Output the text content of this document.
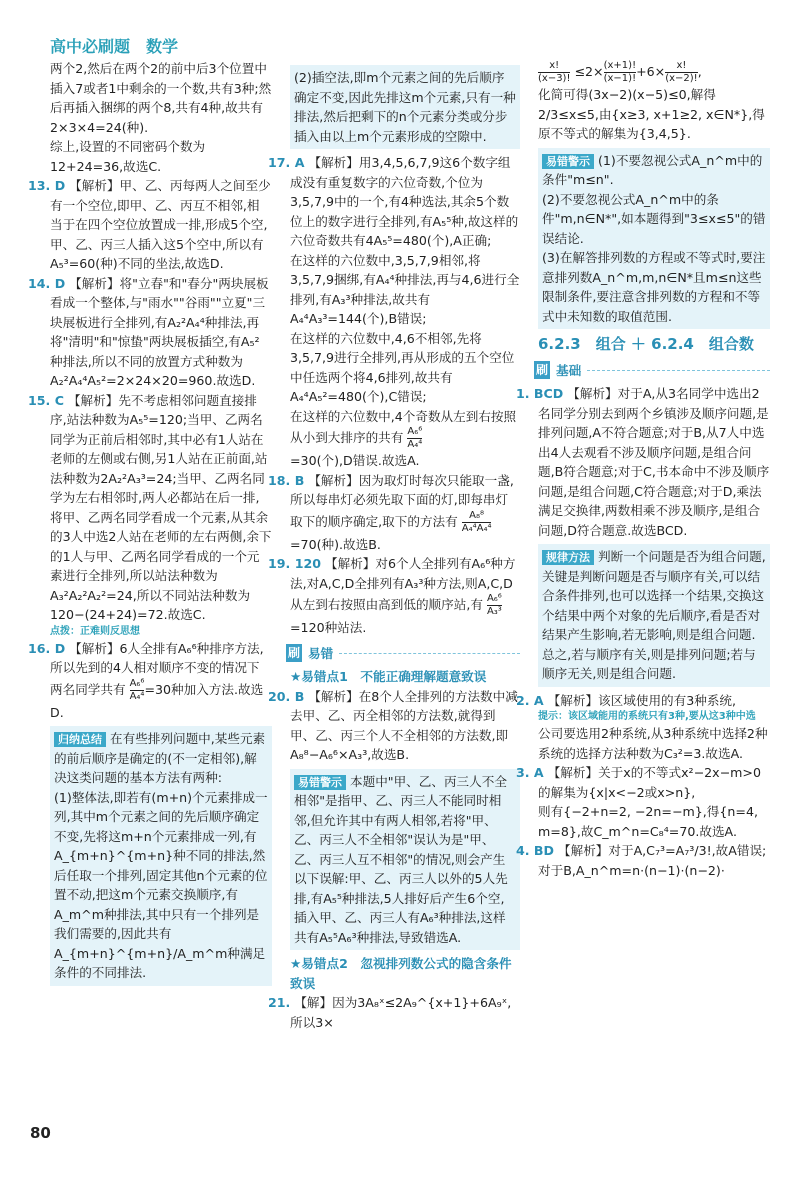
高中必刷题　数学

两个2,然后在两个2的前中后3个位置中插入7或者1中剩余的一个数,共有3种;然后再插入捆绑的两个8,共有4种,故共有2×3×4=24(种).

综上,设置的不同密码个数为12+24=36,故选C.

13. D 【解析】甲、乙、丙每两人之间至少有一个空位,即甲、乙、丙互不相邻,相当于在四个空位放置成一排,形成5个空,甲、乙、丙三人插入这5个空中,所以有A₅³=60(种)不同的坐法,故选D.

14. D 【解析】将"立春"和"春分"两块展板看成一个整体,与"雨水""谷雨""立夏"三块展板进行全排列,有A₂²A₄⁴种排法,再将"清明"和"惊蛰"两块展板插空,有A₅²种排法,所以不同的放置方式种数为A₂²A₄⁴A₅²=2×24×20=960.故选D.

15. C 【解析】先不考虑相邻问题直接排序,站法种数为A₅⁵=120;当甲、乙两名同学为正前后相邻时,其中必有1人站在老师的左侧或右侧,另1人站在正前面,站法种数为2A₂²A₃³=24;当甲、乙两名同学为左右相邻时,两人必都站在后一排,将甲、乙两名同学看成一个元素,从其余的3人中选2人站在老师的左右两侧,余下的1人与甲、乙两名同学看成的一个元素进行全排列,所以站法种数为A₃²A₂²A₂²=24,所以不同站法种数为120−(24+24)=72.故选C.

点拨：正难则反思想

16. D 【解析】6人全排有A₆⁶种排序方法,所以先到的4人相对顺序不变的情况下两名同学共有 $\frac{\text{A₆⁶}}{\text{A₄⁴}} =30$种加入方法.故选D.

归纳总结 在有些排列问题中,某些元素的前后顺序是确定的(不一定相邻),解决这类问题的基本方法有两种:

(1)整体法,即若有(m+n)个元素排成一列,其中m个元素之间的先后顺序确定不变,先将这m+n个元素排成一列,有A_{m+n}^{m+n}种不同的排法,然后任取一个排列,固定其他n个元素的位置不动,把这m个元素交换顺序,有A_m^m种排法,其中只有一个排列是我们需要的,因此共有A_{m+n}^{m+n}/A_m^m种满足条件的不同排法.

80
(2)插空法,即m个元素之间的先后顺序确定不变,因此先排这m个元素,只有一种排法,然后把剩下的n个元素分类或分步插入由以上m个元素形成的空隙中.

17. A 【解析】用3,4,5,6,7,9这6个数字组成没有重复数字的六位奇数,个位为3,5,7,9中的一个,有4种选法,其余5个数位上的数字进行全排列,有A₅⁵种,故这样的六位奇数共有4A₅⁵=480(个),A正确;

在这样的六位数中,3,5,7,9相邻,将3,5,7,9捆绑,有A₄⁴种排法,再与4,6进行全排列,有A₃³种排法,故共有A₄⁴A₃³=144(个),B错误;

在这样的六位数中,4,6不相邻,先将3,5,7,9进行全排列,再从形成的五个空位中任选两个将4,6排列,故共有A₄⁴A₅²=480(个),C错误;

在这样的六位数中,4个奇数从左到右按照从小到大排序的共有 $\frac{\text{A₆⁶}}{\text{A₄⁴}}$

=30(个),D错误.故选A.

18. B 【解析】因为取灯时每次只能取一盏,所以每串灯必须先取下面的灯,即每串灯取下的顺序确定,取下的方法有 $\frac{\text{A₈⁸}}{\text{A₄⁴A₄⁴}}$
=70(种).故选B.

19. 120 【解析】对6个人全排列有A₆⁶种方法,对A,C,D全排列有A₃³种方法,则A,C,D从左到右按照由高到低的顺序站,有 $\frac{\text{A₆⁶}}{\text{A₃³}}$
=120种站法.

刷 易错

★易错点1　不能正确理解题意致误

20. B 【解析】在8个人全排列的方法数中减去甲、乙、丙全相邻的方法数,就得到甲、乙、丙三个人不全相邻的方法数,即A₈⁸−A₆⁶×A₃³,故选B.

易错警示 本题中"甲、乙、丙三人不全相邻"是指甲、乙、丙三人不能同时相邻,但允许其中有两人相邻,若将"甲、乙、丙三人不全相邻"误认为是"甲、乙、丙三人互不相邻"的情况,则会产生以下误解:甲、乙、丙三人以外的5人先排,有A₅⁵种排法,5人排好后产生6个空,插入甲、乙、丙三人有A₆³种排法,这样共有A₅⁵A₆³种排法,导致错选A.

★易错点2　忽视排列数公式的隐含条件致误

21. 【解】因为3A₈ˣ≤2A₉^{x+1}+6A₉ˣ,所以3×

$\frac{x!}{(x-3)!} \le 2\times \frac{(x+1)!}{(x-1)!} +6\times \frac{x!}{(x-2)!}$ ,

化简可得(3x−2)(x−5)≤0,解得

2/3≤x≤5,由{x≥3, x+1≥2, x∈N*},得原不等式的解集为{3,4,5}.

易错警示 (1)不要忽视公式A_n^m中的条件"m≤n".

(2)不要忽视公式A_n^m中的条件"m,n∈N*",如本题得到"3≤x≤5"的错误结论.

(3)在解答排列数的方程或不等式时,要注意排列数A_n^m,m,n∈N*且m≤n这些限制条件,要注意含排列数的方程和不等式中未知数的取值范围.

6.2.3　组合 ＋ 6.2.4　组合数
刷 基础

1. BCD 【解析】对于A,从3名同学中选出2名同学分别去到两个乡镇涉及顺序问题,是排列问题,A不符合题意;对于B,从7人中选出4人去观看不涉及顺序问题,是组合问题,B符合题意;对于C,书本命中不涉及顺序问题,是组合问题,C符合题意;对于D,乘法满足交换律,两数相乘不涉及顺序,是组合问题,D符合题意.故选BCD.

规律方法 判断一个问题是否为组合问题,关键是判断问题是否与顺序有关,可以结合条件排列,也可以选择一个结果,交换这个结果中两个对象的先后顺序,看是否对结果产生影响,若无影响,则是组合问题.总之,若与顺序有关,则是排列问题;若与顺序无关,则是组合问题.

2. A 【解析】该区域使用的有3种系统,

提示：该区域能用的系统只有3种,要从这3种中选

公司要选用2种系统,从3种系统中选择2种系统的选择方法种数为C₃²=3.故选A.

3. A 【解析】关于x的不等式x²−2x−m>0的解集为{x|x<−2或x>n},

则有{−2+n=2, −2n=−m},得{n=4, m=8},故C_m^n=C₈⁴=70.故选A.

4. BD 【解析】对于A,C₇³=A₇³/3!,故A错误;

对于B,A_n^m=n·(n−1)·(n−2)·
